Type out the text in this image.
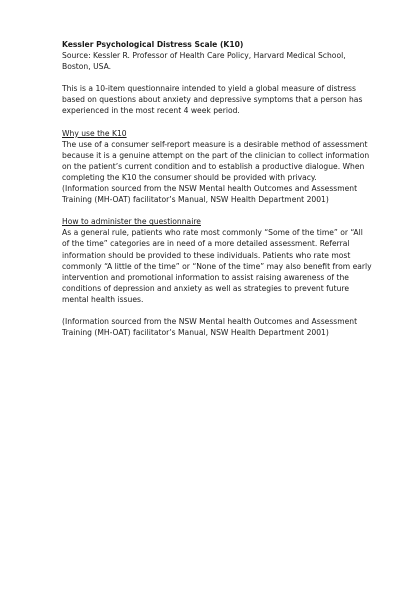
Kessler Psychological Distress Scale (K10)

Source: Kessler R. Professor of Health Care Policy, Harvard Medical School, Boston, USA.

This is a 10-item questionnaire intended to yield a global measure of distress based on questions about anxiety and depressive symptoms that a person has experienced in the most recent 4 week period.

Why use the K10

The use of a consumer self-report measure is a desirable method of assessment because it is a genuine attempt on the part of the clinician to collect information on the patient’s current condition and to establish a productive dialogue. When completing the K10 the consumer should be provided with privacy.

(Information sourced from the NSW Mental health Outcomes and Assessment Training (MH-OAT) facilitator’s Manual, NSW Health Department 2001)

How to administer the questionnaire

As a general rule, patients who rate most commonly “Some of the time” or “All of the time” categories are in need of a more detailed assessment. Referral information should be provided to these individuals. Patients who rate most commonly “A little of the time” or “None of the time” may also benefit from early intervention and promotional information to assist raising awareness of the conditions of depression and anxiety as well as strategies to prevent future mental health issues.

(Information sourced from the NSW Mental health Outcomes and Assessment Training (MH-OAT) facilitator’s Manual, NSW Health Department 2001)
